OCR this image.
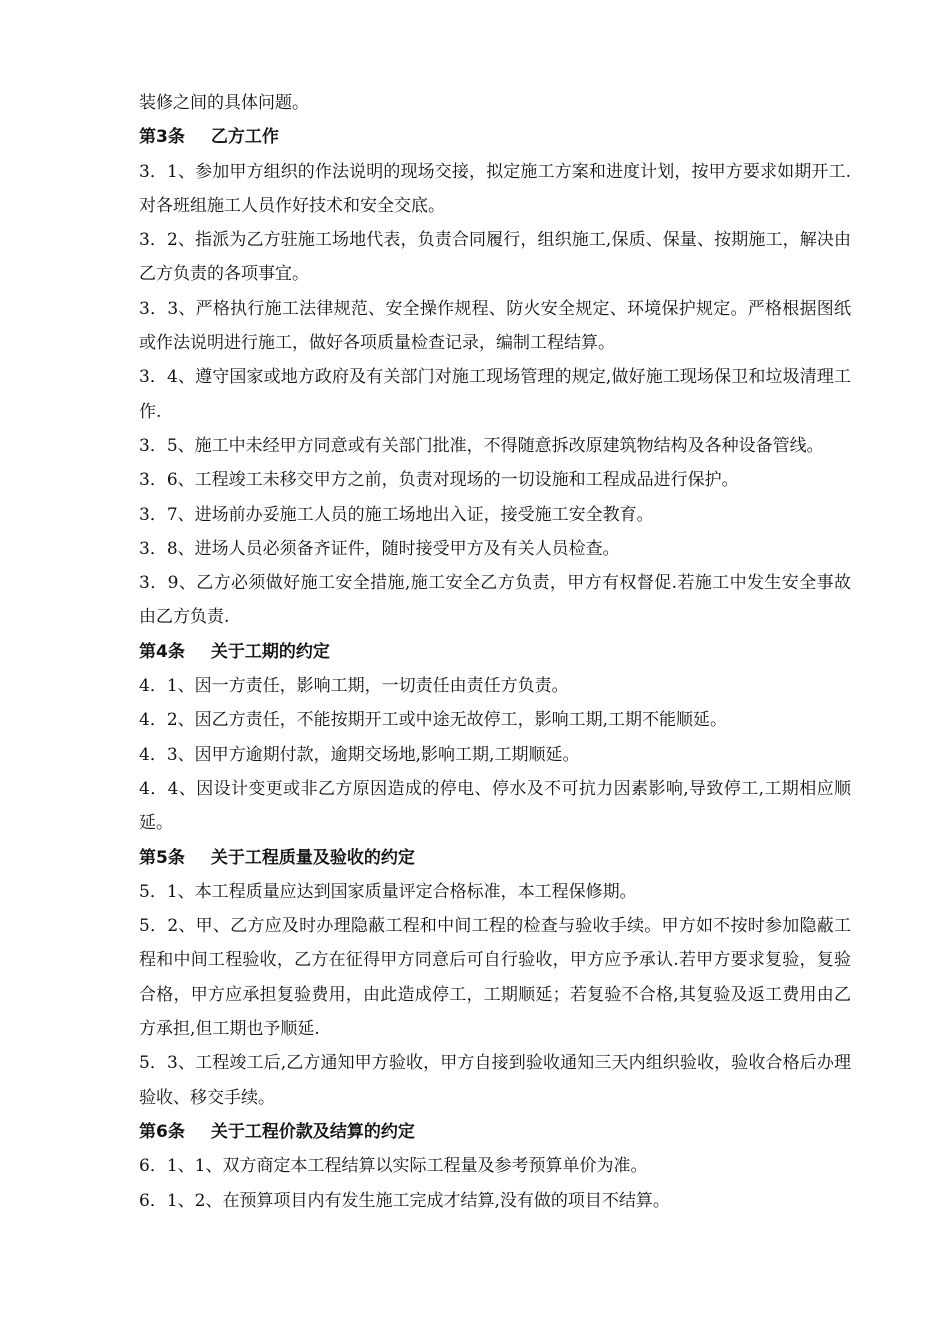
装修之间的具体问题。

第3条 乙方工作

3．1、参加甲方组织的作法说明的现场交接，拟定施工方案和进度计划，按甲方要求如期开工.对各班组施工人员作好技术和安全交底。

3．2、指派为乙方驻施工场地代表，负责合同履行，组织施工,保质、保量、按期施工，解决由乙方负责的各项事宜。

3．3、严格执行施工法律规范、安全操作规程、防火安全规定、环境保护规定。严格根据图纸或作法说明进行施工，做好各项质量检查记录，编制工程结算。

3．4、遵守国家或地方政府及有关部门对施工现场管理的规定,做好施工现场保卫和垃圾清理工作.

3．5、施工中未经甲方同意或有关部门批准，不得随意拆改原建筑物结构及各种设备管线。

3．6、工程竣工未移交甲方之前，负责对现场的一切设施和工程成品进行保护。

3．7、进场前办妥施工人员的施工场地出入证，接受施工安全教育。

3．8、进场人员必须备齐证件，随时接受甲方及有关人员检查。

3．9、乙方必须做好施工安全措施,施工安全乙方负责，甲方有权督促.若施工中发生安全事故由乙方负责.

第4条 关于工期的约定

4．1、因一方责任，影响工期，一切责任由责任方负责。

4．2、因乙方责任，不能按期开工或中途无故停工，影响工期,工期不能顺延。

4．3、因甲方逾期付款，逾期交场地,影响工期,工期顺延。

4．4、因设计变更或非乙方原因造成的停电、停水及不可抗力因素影响,导致停工,工期相应顺延。

第5条 关于工程质量及验收的约定

5．1、本工程质量应达到国家质量评定合格标准，本工程保修期。

5．2、甲、乙方应及时办理隐蔽工程和中间工程的检查与验收手续。甲方如不按时参加隐蔽工程和中间工程验收，乙方在征得甲方同意后可自行验收，甲方应予承认.若甲方要求复验，复验合格，甲方应承担复验费用，由此造成停工，工期顺延；若复验不合格,其复验及返工费用由乙方承担,但工期也予顺延.

5．3、工程竣工后,乙方通知甲方验收，甲方自接到验收通知三天内组织验收，验收合格后办理验收、移交手续。

第6条 关于工程价款及结算的约定

6．1、1、双方商定本工程结算以实际工程量及参考预算单价为准。

6．1、2、在预算项目内有发生施工完成才结算,没有做的项目不结算。
